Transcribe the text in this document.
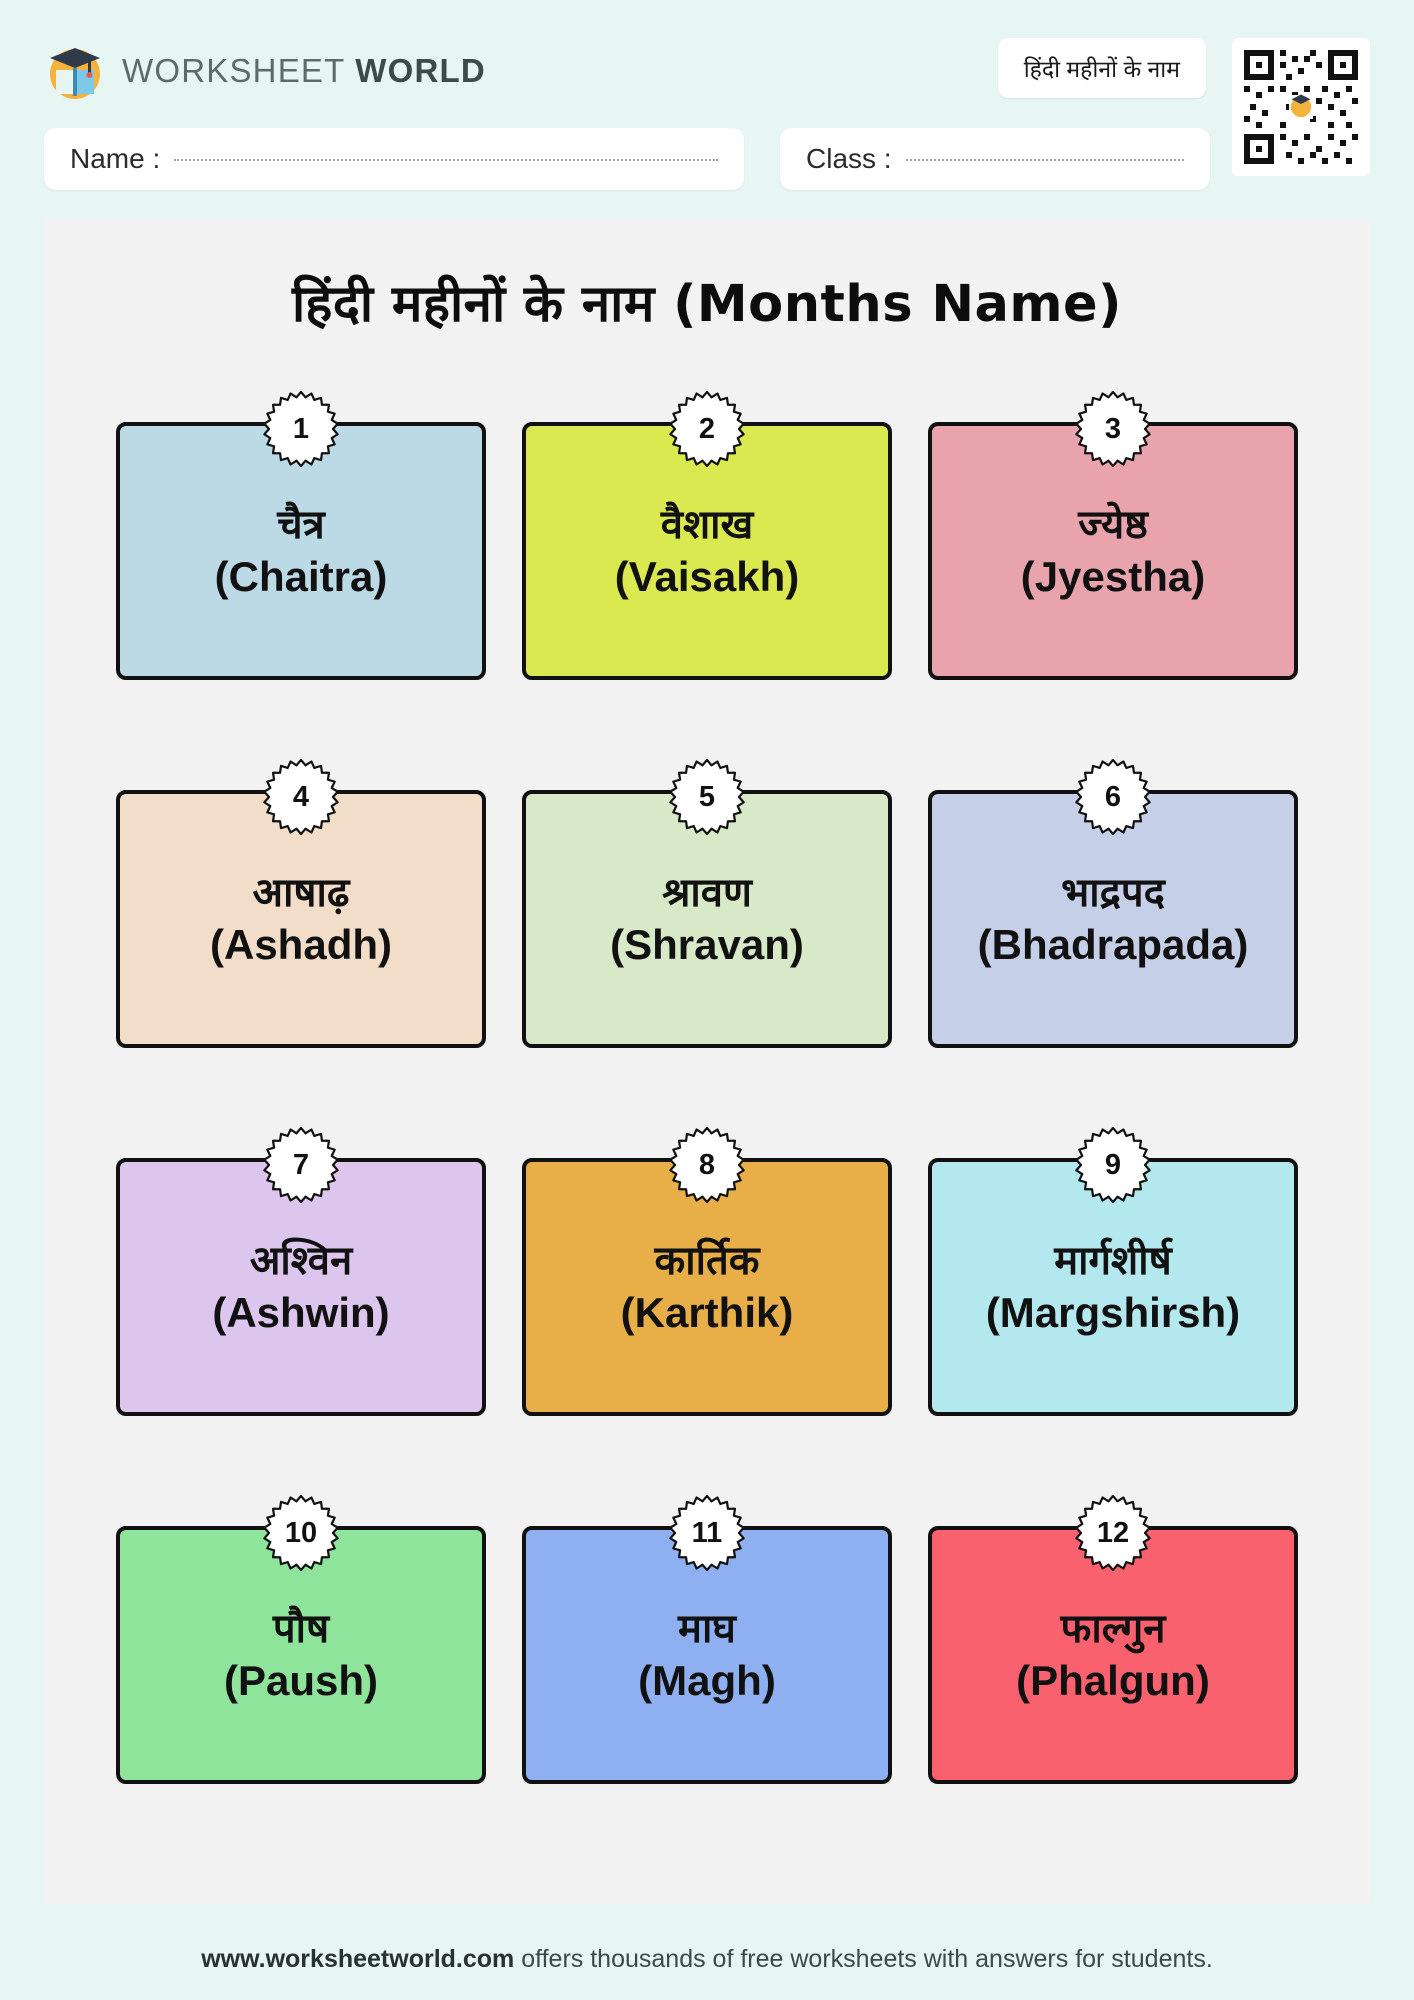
WORKSHEET WORLD	हिंदी महीनों के नाम
Name :	Class :
हिंदी महीनों के नाम (Months Name)
चैत्र
(Chaitra)
1
वैशाख
(Vaisakh)
2
ज्येष्ठ
(Jyestha)
3
आषाढ़
(Ashadh)
4
श्रावण
(Shravan)
5
भाद्रपद
(Bhadrapada)
6
अश्विन
(Ashwin)
7
कार्तिक
(Karthik)
8
मार्गशीर्ष
(Margshirsh)
9
पौष
(Paush)
10
माघ
(Magh)
11
फाल्गुन
(Phalgun)
12
www.worksheetworld.com offers thousands of free worksheets with answers for students.
